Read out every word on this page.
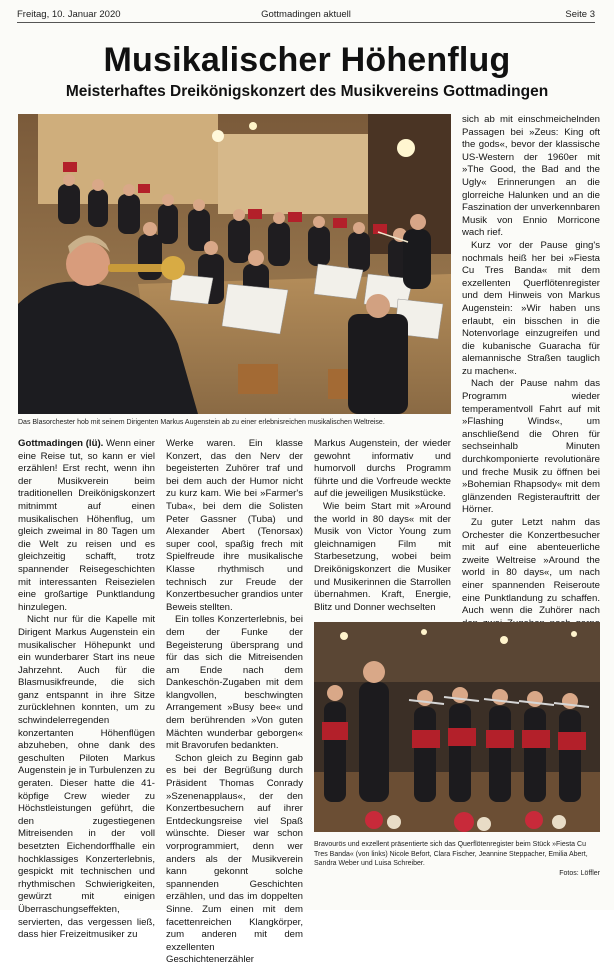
Freitag, 10. Januar 2020	Gottmadingen aktuell	Seite 3
Musikalischer Höhenflug
Meisterhaftes Dreikönigskonzert des Musikvereins Gottmadingen
Das Blasorchester hob mit seinem Dirigenten Markus Augenstein ab zu einer erlebnisreichen musikalischen Weltreise.

Gottmadingen (lü). Wenn einer eine Reise tut, so kann er viel erzählen! Erst recht, wenn ihn der Musikverein beim traditionellen Dreikönigskonzert mitnimmt auf einen musikalischen Höhenflug, um gleich zweimal in 80 Tagen um die Welt zu reisen und es gleichzeitig schafft, trotz spannender Reisegeschichten mit interessanten Reisezielen eine großartige Punktlandung hinzulegen.

Nicht nur für die Kapelle mit Dirigent Markus Augenstein ein musikalischer Höhepunkt und ein wunderbarer Start ins neue Jahrzehnt. Auch für die Blasmusikfreunde, die sich ganz entspannt in ihre Sitze zurücklehnen konnten, um zu schwindelerregenden konzertanten Höhenflügen abzuheben, ohne dank des geschulten Piloten Markus Augenstein je in Turbulenzen zu geraten. Dieser hatte die 41-köpfige Crew wieder zu Höchstleistungen geführt, die den zugestiegenen Mitreisenden in der voll besetzten Eichendorffhalle ein hochklassiges Konzerterlebnis, gespickt mit technischen und rhythmischen Schwierigkeiten, gewürzt mit einigen Überraschungseffekten, servierten, das vergessen ließ, dass hier Freizeitmusiker zu

Werke waren. Ein klasse Konzert, das den Nerv der begeisterten Zuhörer traf und bei dem auch der Humor nicht zu kurz kam. Wie bei »Farmer's Tuba«, bei dem die Solisten Peter Gassner (Tuba) und Alexander Abert (Tenorsax) super cool, spaßig frech mit Spielfreude ihre musikalische Klasse rhythmisch und technisch zur Freude der Konzertbesucher grandios unter Beweis stellten.

Ein tolles Konzerterlebnis, bei dem der Funke der Begeisterung übersprang und für das sich die Mitreisenden am Ende nach dem Dankeschön-Zugaben mit dem klangvollen, beschwingten Arrangement »Busy bee« und dem berührenden »Von guten Mächten wunderbar geborgen« mit Bravorufen bedankten.

Schon gleich zu Beginn gab es bei der Begrüßung durch Präsident Thomas Conrady »Szenenapplaus«, der den Konzertbesuchern auf ihrer Entdeckungsreise viel Spaß wünschte. Dieser war schon vorprogrammiert, denn wer anders als der Musikverein kann gekonnt solche spannenden Geschichten erzählen, und das im doppelten Sinne. Zum einen mit dem facettenreichen Klangkörper, zum anderen mit dem exzellenten Geschichtenerzähler

Markus Augenstein, der wieder gewohnt informativ und humorvoll durchs Programm führte und die Vorfreude weckte auf die jeweiligen Musikstücke.

Wie beim Start mit »Around the world in 80 days« mit der Musik von Victor Young zum gleichnamigen Film mit Starbesetzung, wobei beim Dreikönigskonzert die Musiker und Musikerinnen die Starrollen übernahmen. Kraft, Energie, Blitz und Donner wechselten

sich ab mit einschmeichelnden Passagen bei »Zeus: King oft the gods«, bevor der klassische US-Western der 1960er mit »The Good, the Bad and the Ugly« Erinnerungen an die glorreiche Halunken und an die Faszination der unverkennbaren Musik von Ennio Morricone wach rief.

Kurz vor der Pause ging's nochmals heiß her bei »Fiesta Cu Tres Banda« mit dem exzellenten Querflötenregister und dem Hinweis von Markus Augenstein: »Wir haben uns erlaubt, ein bisschen in die Notenvorlage einzugreifen und die kubanische Guaracha für alemannische Straßen tauglich zu machen«.

Nach der Pause nahm das Programm wieder temperamentvoll Fahrt auf mit »Flashing Winds«, um anschließend die Ohren für sechseinhalb Minuten durchkomponierte revolutionäre und freche Musik zu öffnen bei »Bohemian Rhapsody« mit dem glänzenden Registerauftritt der Hörner.

Zu guter Letzt nahm das Orchester die Konzertbesucher mit auf eine abenteuerliche zweite Weltreise »Around the world in 80 days«, um nach einer spannenden Reiseroute eine Punktlandung zu schaffen. Auch wenn die Zuhörer nach

Bravourös und exzellent präsentierte sich das Querflötenregister beim Stück »Fiesta Cu Tres Banda« (von links) Nicole Befort, Clara Fischer, Jeannine Steppacher, Emilia Abert, Sandra Weber und Luisa Schreiber.
Fotos: Löffler
